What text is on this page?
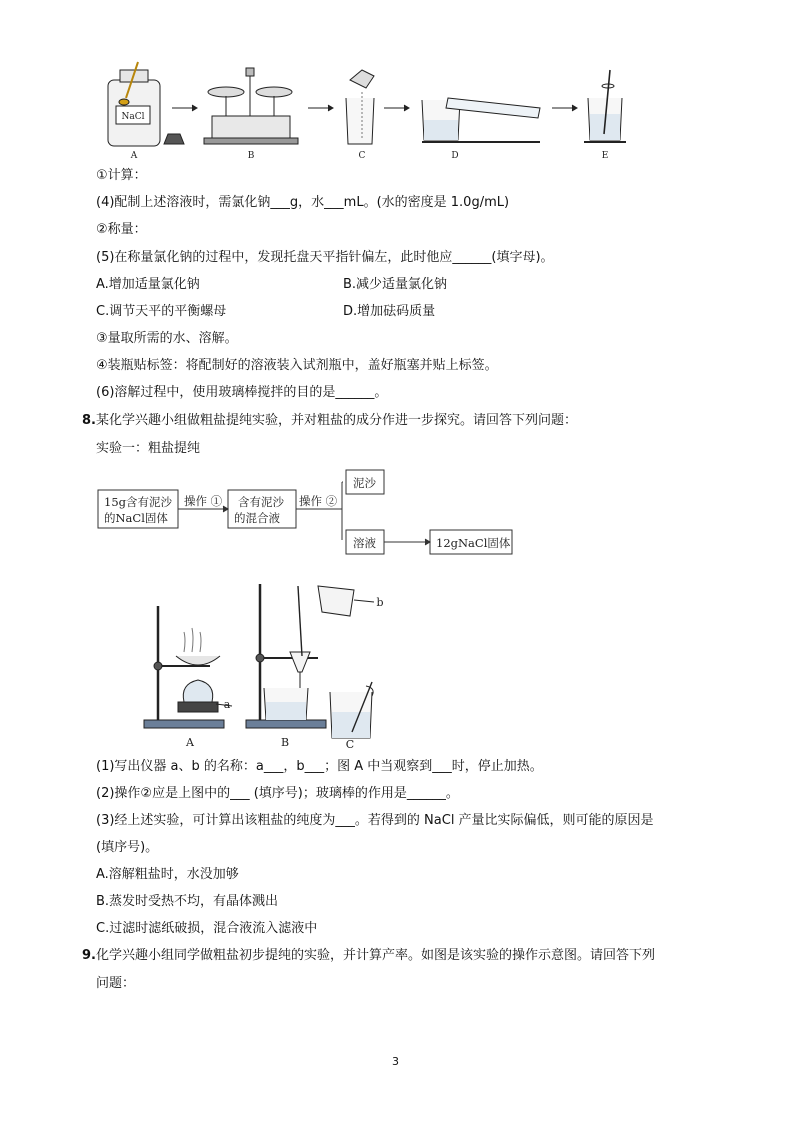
NaCl
A	B	C	D	E
①计算：
(4)配制上述溶液时，需氯化钠___g，水___mL。(水的密度是 1.0g/mL)
②称量：
(5)在称量氯化钠的过程中，发现托盘天平指针偏左，此时他应______(填字母)。
A.增加适量氯化钠	B.减少适量氯化钠
C.调节天平的平衡螺母	D.增加砝码质量
③量取所需的水、溶解。
④装瓶贴标签：将配制好的溶液装入试剂瓶中，盖好瓶塞并贴上标签。
(6)溶解过程中，使用玻璃棒搅拌的目的是______。
8.某化学兴趣小组做粗盐提纯实验，并对粗盐的成分作进一步探究。请回答下列问题：
实验一：粗盐提纯
15g含有泥沙
的NaCl固体
操作 ① 含有泥沙
的混合液
操作 ②
泥沙
溶液	12gNaCl固体
a
b
A	B	C
(1)写出仪器 a、b 的名称：a___，b___；图 A 中当观察到___时，停止加热。
(2)操作②应是上图中的___ (填序号)；玻璃棒的作用是______。
(3)经上述实验，可计算出该粗盐的纯度为___。若得到的 NaCl 产量比实际偏低，则可能的原因是
(填序号)。
A.溶解粗盐时，水没加够
B.蒸发时受热不均，有晶体溅出
C.过滤时滤纸破损，混合液流入滤液中
9.化学兴趣小组同学做粗盐初步提纯的实验，并计算产率。如图是该实验的操作示意图。请回答下列
问题：
3
